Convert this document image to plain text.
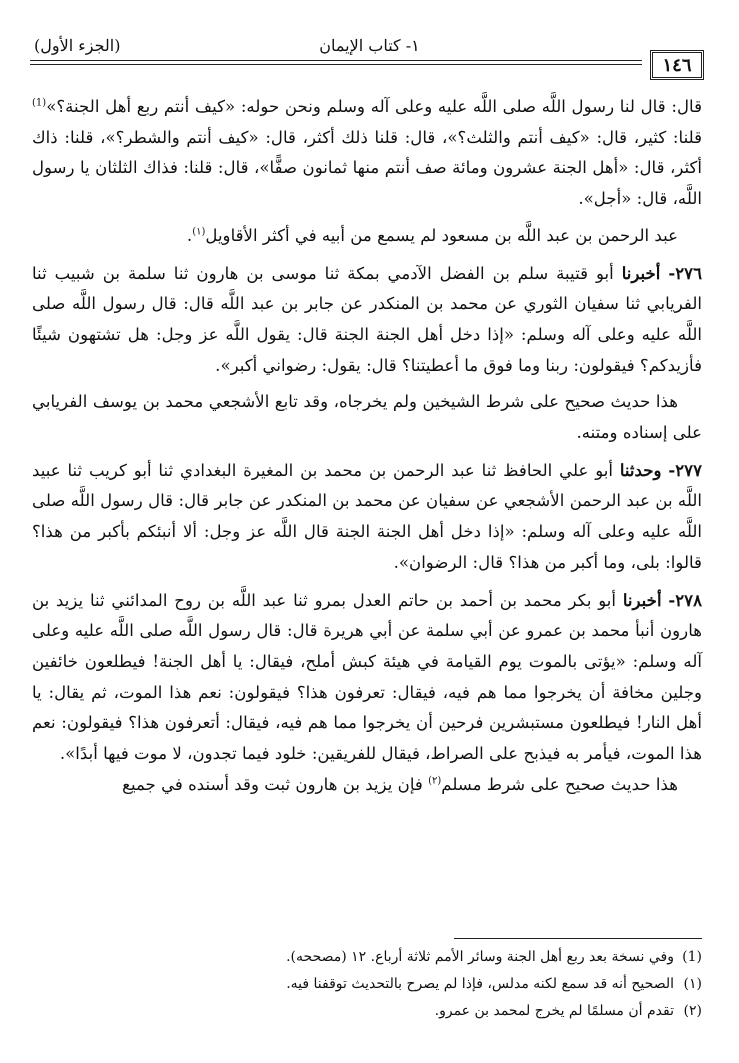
١- كتاب الإيمان
(الجزء الأول)
١٤٦

قال: قال لنا رسول اللَّه صلى اللَّه عليه وعلى آله وسلم ونحن حوله: «كيف أنتم ربع أهل الجنة؟»$^{(1)}$ قلنا: كثير، قال: «كيف أنتم والثلث؟»، قال: قلنا ذلك أكثر، قال: «كيف أنتم والشطر؟»، قلنا: ذاك أكثر، قال: «أهل الجنة عشرون ومائة صف أنتم منها ثمانون صفًّا»، قال: قلنا: فذاك الثلثان يا رسول اللَّه، قال: «أجل».

عبد الرحمن بن عبد اللَّه بن مسعود لم يسمع من أبيه في أكثر الأقاويل$^{(١)}$.

٢٧٦- أخبرنا أبو قتيبة سلم بن الفضل الآدمي بمكة ثنا موسى بن هارون ثنا سلمة بن شبيب ثنا الفريابي ثنا سفيان الثوري عن محمد بن المنكدر عن جابر بن عبد اللَّه قال: قال رسول اللَّه صلى اللَّه عليه وعلى آله وسلم: «إذا دخل أهل الجنة الجنة قال: يقول اللَّه عز وجل: هل تشتهون شيئًا فأزيدكم؟ فيقولون: ربنا وما فوق ما أعطيتنا؟ قال: يقول: رضواني أكبر».

هذا حديث صحيح على شرط الشيخين ولم يخرجاه، وقد تابع الأشجعي محمد بن يوسف الفريابي على إسناده ومتنه.

٢٧٧- وحدثنا أبو علي الحافظ ثنا عبد الرحمن بن محمد بن المغيرة البغدادي ثنا أبو كريب ثنا عبيد اللَّه بن عبد الرحمن الأشجعي عن سفيان عن محمد بن المنكدر عن جابر قال: قال رسول اللَّه صلى اللَّه عليه وعلى آله وسلم: «إذا دخل أهل الجنة الجنة قال اللَّه عز وجل: ألا أنبئكم بأكبر من هذا؟ قالوا: بلى، وما أكبر من هذا؟ قال: الرضوان».

٢٧٨- أخبرنا أبو بكر محمد بن أحمد بن حاتم العدل بمرو ثنا عبد اللَّه بن روح المدائني ثنا يزيد بن هارون أنبأ محمد بن عمرو عن أبي سلمة عن أبي هريرة قال: قال رسول اللَّه صلى اللَّه عليه وعلى آله وسلم: «يؤتى بالموت يوم القيامة في هيئة كبش أملح، فيقال: يا أهل الجنة! فيطلعون خائفين وجلين مخافة أن يخرجوا مما هم فيه، فيقال: تعرفون هذا؟ فيقولون: نعم هذا الموت، ثم يقال: يا أهل النار! فيطلعون مستبشرين فرحين أن يخرجوا مما هم فيه، فيقال: أتعرفون هذا؟ فيقولون: نعم هذا الموت، فيأمر به فيذبح على الصراط، فيقال للفريقين: خلود فيما تجدون، لا موت فيها أبدًا».

هذا حديث صحيح على شرط مسلم$^{(٢)}$ فإن يزيد بن هارون ثبت وقد أسنده في جميع

(1)وفي نسخة بعد ربع أهل الجنة وسائر الأمم ثلاثة أرباع. ١٢ (مصححه).

(١)الصحيح أنه قد سمع لكنه مدلس، فإذا لم يصرح بالتحديث توقفنا فيه.

(٢)تقدم أن مسلمًا لم يخرج لمحمد بن عمرو.
